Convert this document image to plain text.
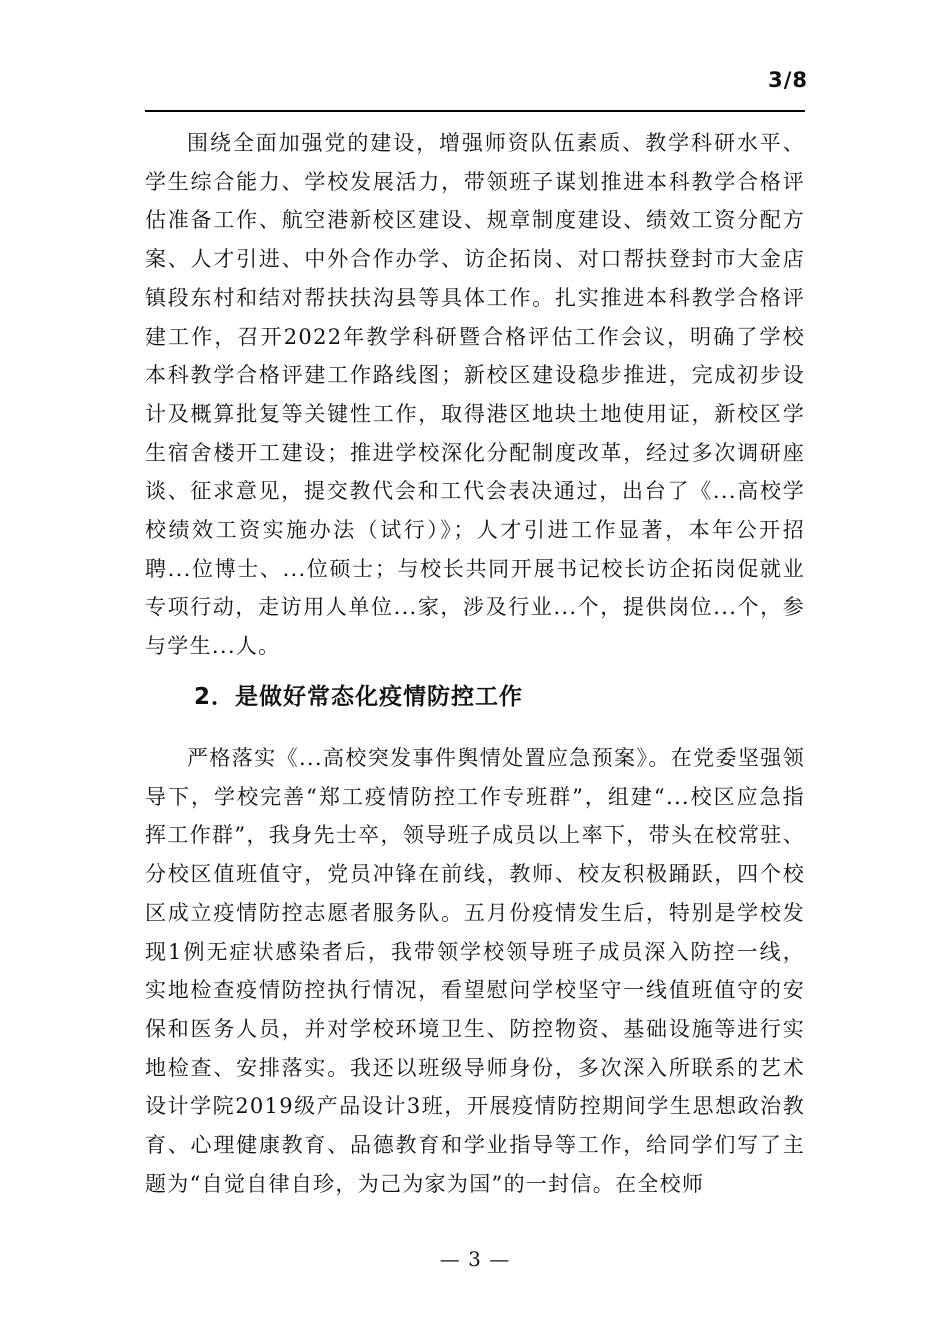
3/8

围绕全面加强党的建设，增强师资队伍素质、教学科研水平、学生综合能力、学校发展活力，带领班子谋划推进本科教学合格评估准备工作、航空港新校区建设、规章制度建设、绩效工资分配方案、人才引进、中外合作办学、访企拓岗、对口帮扶登封市大金店镇段东村和结对帮扶扶沟县等具体工作。扎实推进本科教学合格评建工作，召开2022年教学科研暨合格评估工作会议，明确了学校本科教学合格评建工作路线图；新校区建设稳步推进，完成初步设计及概算批复等关键性工作，取得港区地块土地使用证，新校区学生宿舍楼开工建设；推进学校深化分配制度改革，经过多次调研座谈、征求意见，提交教代会和工代会表决通过，出台了《...高校学校绩效工资实施办法（试行）》；人才引进工作显著，本年公开招聘...位博士、...位硕士；与校长共同开展书记校长访企拓岗促就业专项行动，走访用人单位...家，涉及行业...个，提供岗位...个，参与学生...人。

2．是做好常态化疫情防控工作

严格落实《...高校突发事件舆情处置应急预案》。在党委坚强领导下，学校完善“郑工疫情防控工作专班群”，组建“...校区应急指挥工作群”，我身先士卒，领导班子成员以上率下，带头在校常驻、分校区值班值守，党员冲锋在前线，教师、校友积极踊跃，四个校区成立疫情防控志愿者服务队。五月份疫情发生后，特别是学校发现1例无症状感染者后，我带领学校领导班子成员深入防控一线，实地检查疫情防控执行情况，看望慰问学校坚守一线值班值守的安保和医务人员，并对学校环境卫生、防控物资、基础设施等进行实地检查、安排落实。我还以班级导师身份，多次深入所联系的艺术设计学院2019级产品设计3班，开展疫情防控期间学生思想政治教育、心理健康教育、品德教育和学业指导等工作，给同学们写了主题为“自觉自律自珍，为己为家为国”的一封信。在全校师

— 3 —
